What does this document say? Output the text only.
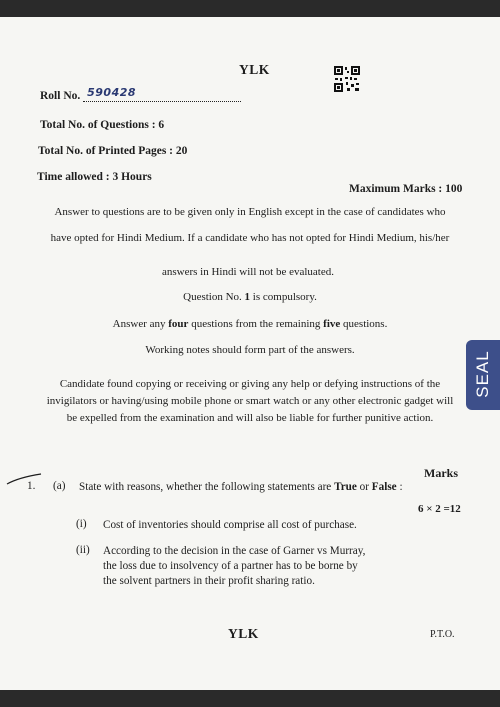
YLK
Roll No. 590428
Total No. of Questions : 6
Total No. of Printed Pages : 20
Time allowed : 3 Hours
Maximum Marks : 100
Answer to questions are to be given only in English except in the case of candidates who
have opted for Hindi Medium. If a candidate who has not opted for Hindi Medium, his/her
answers in Hindi will not be evaluated.
Question No. 1 is compulsory.
Answer any four questions from the remaining five questions.
Working notes should form part of the answers.
SEAL
Candidate found copying or receiving or giving any help or defying instructions of the
invigilators or having/using mobile phone or smart watch or any other electronic gadget will
be expelled from the examination and will also be liable for further punitive action.
Marks
1. (a) State with reasons, whether the following statements are True or False :
6 × 2 =12
(i) Cost of inventories should comprise all cost of purchase.
(ii) According to the decision in the case of Garner vs Murray,
the loss due to insolvency of a partner has to be borne by
the solvent partners in their profit sharing ratio.
YLK	P.T.O.
